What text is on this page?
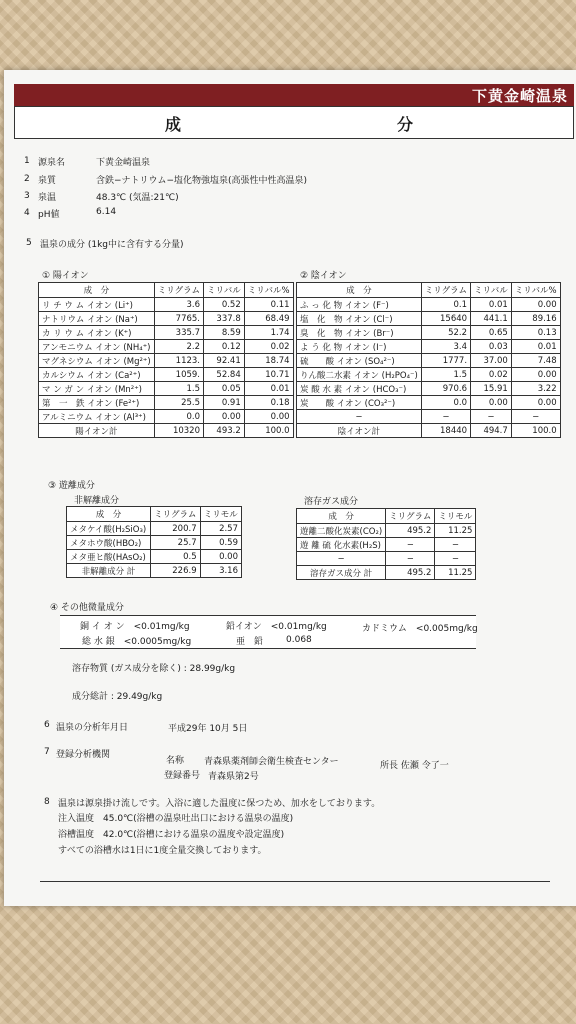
下黄金崎温泉
成　分
1 源泉名	下黄金崎温泉
2 泉質	含鉄−ナトリウム−塩化物強塩泉(高張性中性高温泉)
3 泉温	48.3℃ (気温:21℃)
4 pH値	6.14
5 温泉の成分 (1kg中に含有する分量)
① 陽イオン
成　分	ミリグラム	ミリバル	ミリバル%
リ チ ウ ム イオン (Li⁺)	3.6	0.52	0.11
ナトリウム イオン (Na⁺)	7765.	337.8	68.49
カ リ ウ ム イオン (K⁺)	335.7	8.59	1.74
アンモニウム イオン (NH₄⁺)	2.2	0.12	0.02
マグネシウム イオン (Mg²⁺)	1123.	92.41	18.74
カルシウム イオン (Ca²⁺)	1059.	52.84	10.71
マ ン ガ ン イオン (Mn²⁺)	1.5	0.05	0.01
第　一　鉄 イオン (Fe²⁺)	25.5	0.91	0.18
アルミニウム イオン (Al³⁺)	0.0	0.00	0.00
陽イオン計	10320	493.2	100.0
② 陰イオン
成　分	ミリグラム	ミリバル	ミリバル%
ふ っ 化 物 イオン (F⁻)	0.1	0.01	0.00
塩　化　物 イオン (Cl⁻)	15640	441.1	89.16
臭　化　物 イオン (Br⁻)	52.2	0.65	0.13
よ う 化 物 イオン (I⁻)	3.4	0.03	0.01
硫　　酸 イオン (SO₄²⁻)	1777.	37.00	7.48
りん酸二水素 イオン (H₂PO₄⁻)	1.5	0.02	0.00
炭 酸 水 素 イオン (HCO₃⁻)	970.6	15.91	3.22
炭　　酸 イオン (CO₃²⁻)	0.0	0.00	0.00
−	−	−	−
陰イオン計	18440	494.7	100.0
③ 遊離成分
非解離成分
成　分	ミリグラム	ミリモル
メタケイ酸(H₂SiO₃)	200.7	2.57
メタホウ酸(HBO₂)	25.7	0.59
メタ亜ヒ酸(HAsO₂)	0.5	0.00
非解離成分 計	226.9	3.16
溶存ガス成分
成　分	ミリグラム	ミリモル
遊離二酸化炭素(CO₂)	495.2	11.25
遊 離 硫 化水素(H₂S)	−	−
−	−	−
溶存ガス成分 計	495.2	11.25
④ その他微量成分
銅 イ オ ン　<0.01mg/kg	鉛イオン　<0.01mg/kg	カドミウム　<0.005mg/kg
総 水 銀　<0.0005mg/kg	亜　鉛	0.068
溶存物質 (ガス成分を除く) : 28.99g/kg
成分総計 : 29.49g/kg
6 温泉の分析年月日	平成29年 10月 5日
7 登録分析機関
名称 青森県薬剤師会衛生検査センター	所長 佐瀬 令了一
登録番号 青森県第2号
8 温泉は源泉掛け流しです。入浴に適した温度に保つため、加水をしております。
注入温度　45.0℃(浴槽の温泉吐出口における温泉の温度)
浴槽温度　42.0℃(浴槽における温泉の温度や設定温度)
すべての浴槽水は1日に1度全量交換しております。
